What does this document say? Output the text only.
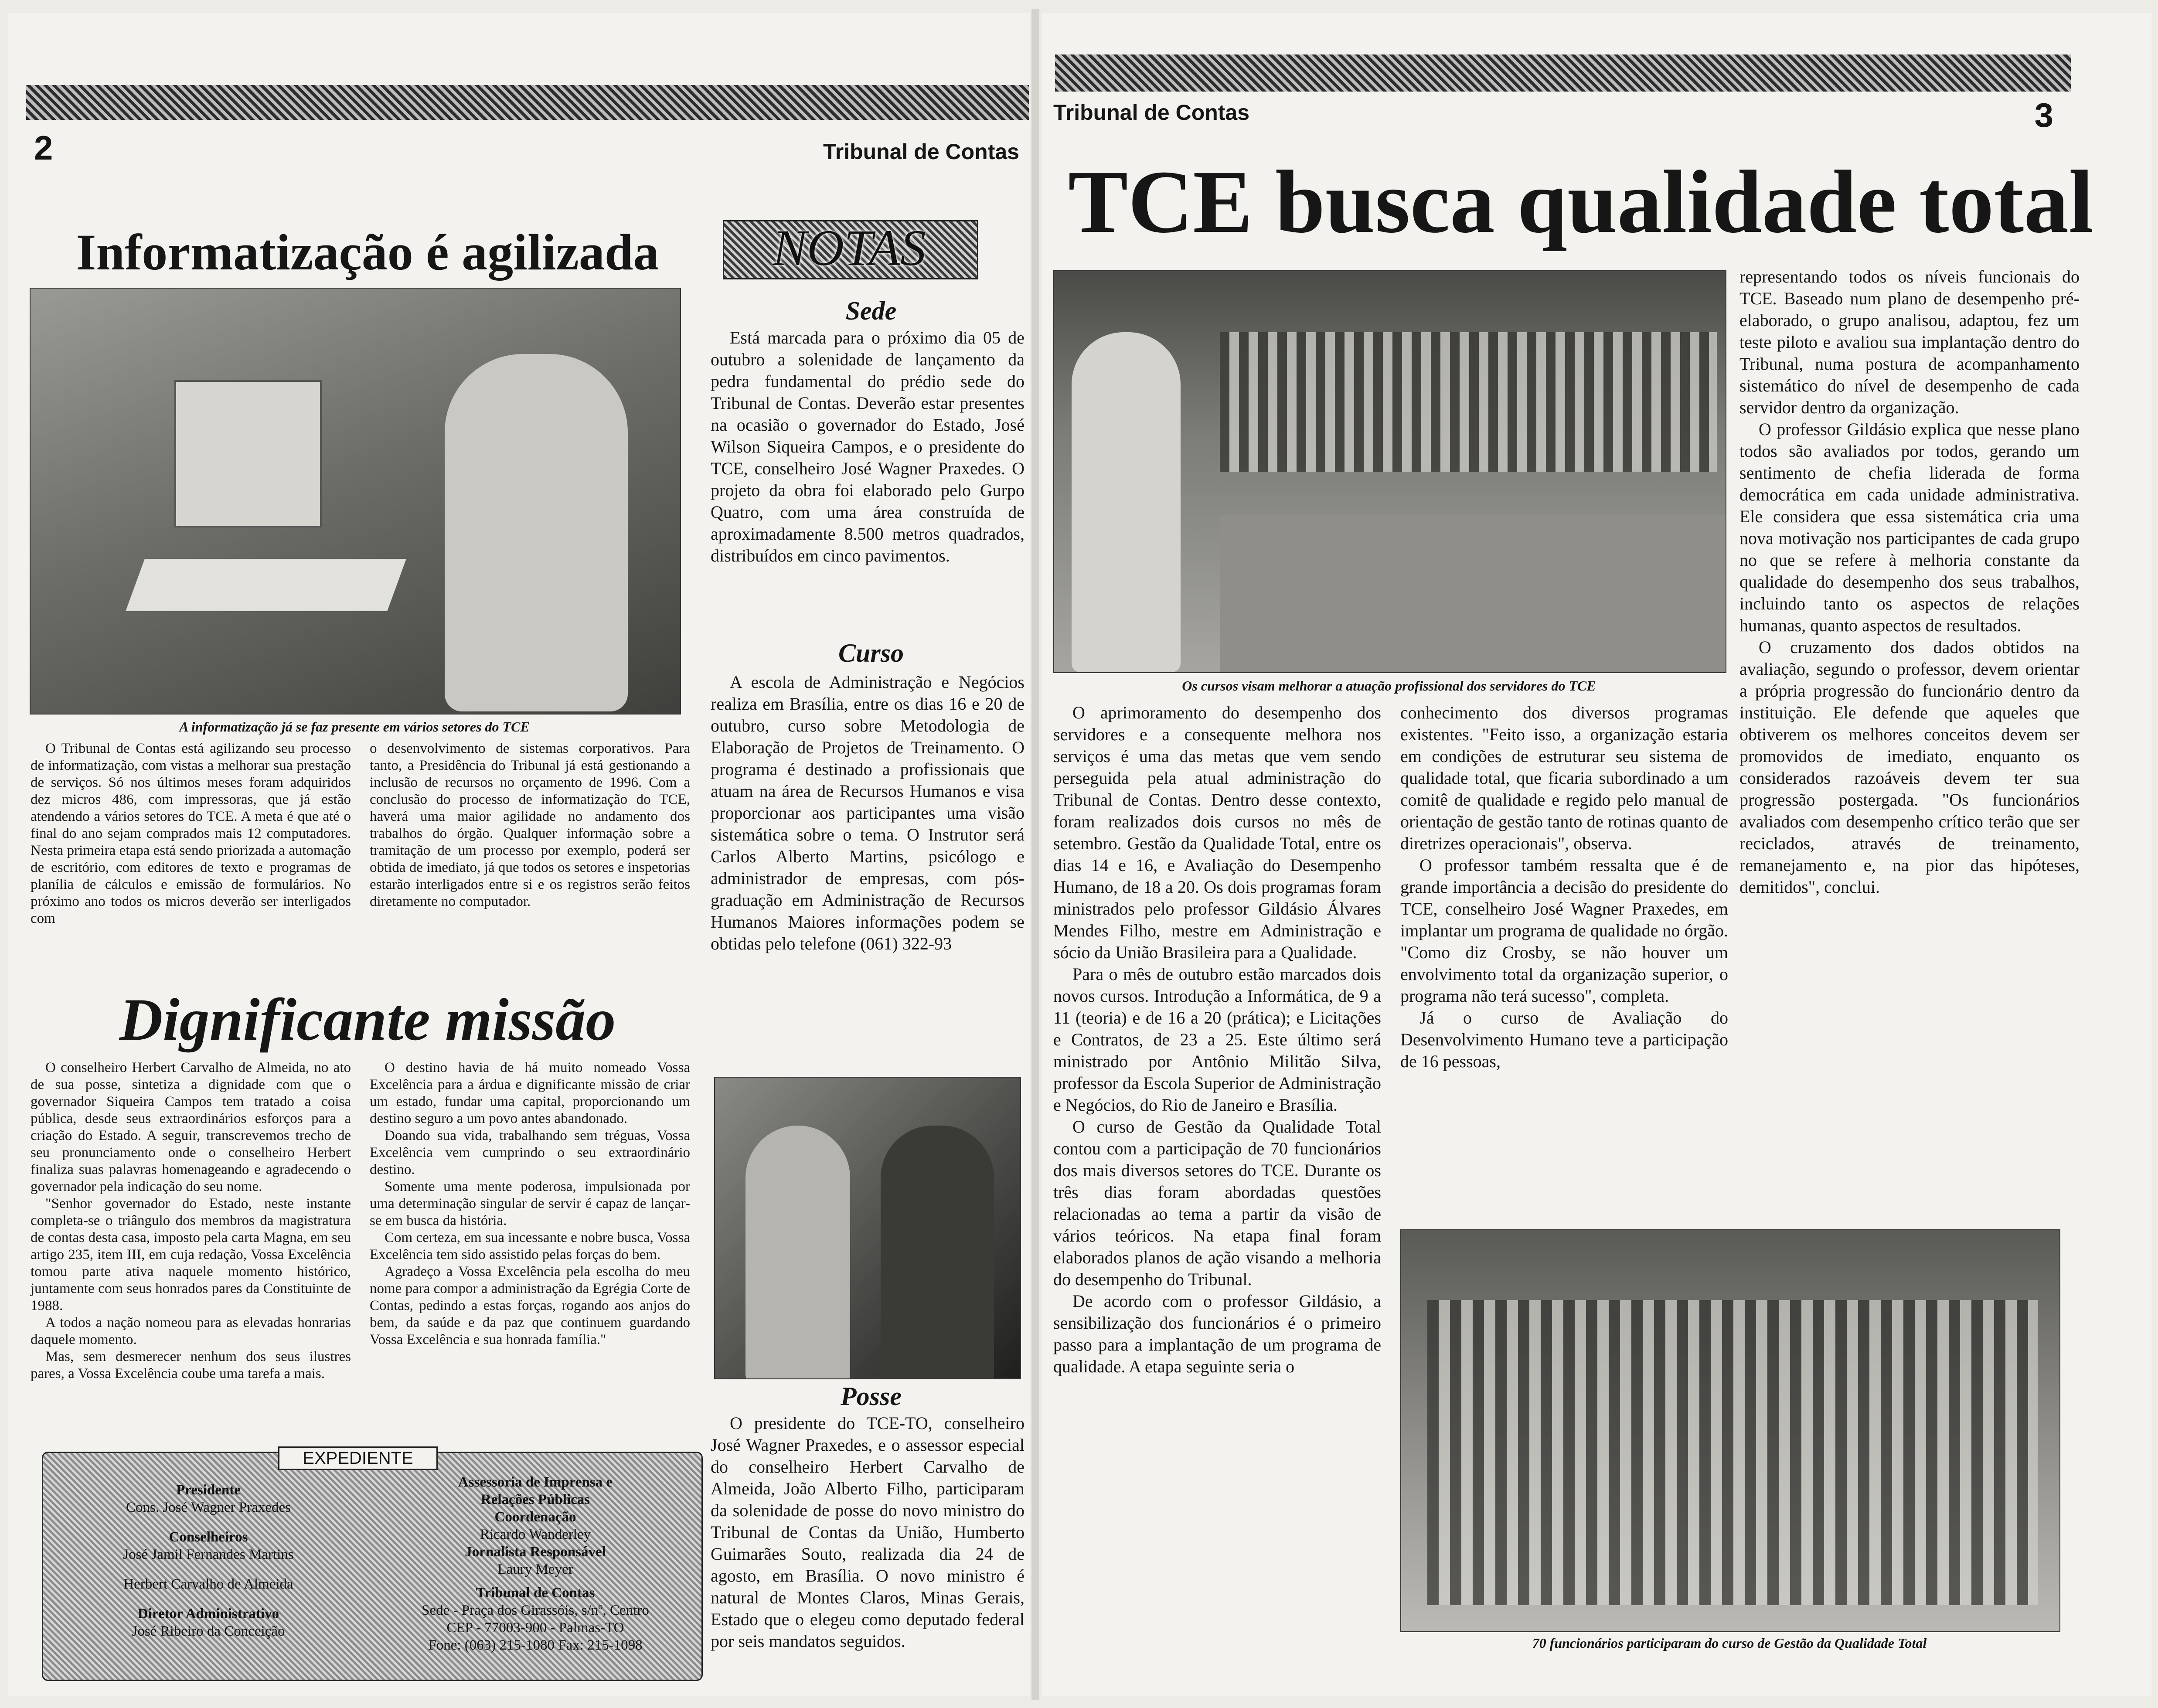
2	Tribunal de Contas
Informatização é agilizada
A informatização já se faz presente em vários setores do TCE
O Tribunal de Contas está agilizando seu processo de informatização, com vistas a melhorar sua prestação de serviços. Só nos últimos meses foram adquiridos dez micros 486, com impressoras, que já estão atendendo a vários setores do TCE. A meta é que até o final do ano sejam comprados mais 12 computadores. Nesta primeira etapa está sendo priorizada a automação de escritório, com editores de texto e programas de planília de cálculos e emissão de formulários. No próximo ano todos os micros deverão ser interligados com
o desenvolvimento de sistemas corporativos. Para tanto, a Presidência do Tribunal já está gestionando a inclusão de recursos no orçamento de 1996. Com a conclusão do processo de informatização do TCE, haverá uma maior agilidade no andamento dos trabalhos do órgão. Qualquer informação sobre a tramitação de um processo por exemplo, poderá ser obtida de imediato, já que todos os setores e inspetorias estarão interligados entre si e os registros serão feitos diretamente no computador.
Dignificante missão

O conselheiro Herbert Carvalho de Almeida, no ato de sua posse, sintetiza a dignidade com que o governador Siqueira Campos tem tratado a coisa pública, desde seus extraordinários esforços para a criação do Estado. A seguir, transcrevemos trecho de seu pronunciamento onde o conselheiro Herbert finaliza suas palavras homenageando e agradecendo o governador pela indicação do seu nome.

"Senhor governador do Estado, neste instante completa-se o triângulo dos membros da magistratura de contas desta casa, imposto pela carta Magna, em seu artigo 235, item III, em cuja redação, Vossa Excelência tomou parte ativa naquele momento histórico, juntamente com seus honrados pares da Constituinte de 1988.

A todos a nação nomeou para as elevadas honrarias daquele momento.

Mas, sem desmerecer nenhum dos seus ilustres pares, a Vossa Excelência coube uma tarefa a mais.

O destino havia de há muito nomeado Vossa Excelência para a árdua e dignificante missão de criar um estado, fundar uma capital, proporcionando um destino seguro a um povo antes abandonado.

Doando sua vida, trabalhando sem tréguas, Vossa Excelência vem cumprindo o seu extraordinário destino.

Somente uma mente poderosa, impulsionada por uma determinação singular de servir é capaz de lançar-se em busca da história.

Com certeza, em sua incessante e nobre busca, Vossa Excelência tem sido assistido pelas forças do bem.

Agradeço a Vossa Excelência pela escolha do meu nome para compor a administração da Egrégia Corte de Contas, pedindo a estas forças, rogando aos anjos do bem, da saúde e da paz que continuem guardando Vossa Excelência e sua honrada família."

EXPEDIENTE
Presidente
Cons. José Wagner Praxedes
Conselheiros
José Jamil Fernandes Martins
Herbert Carvalho de Almeida
Diretor Administrativo
José Ribeiro da Conceição
Assessoria de Imprensa e
Relações Públicas
Coordenação
Ricardo Wanderley
Jornalista Responsável
Laury Meyer
Tribunal de Contas
Sede - Praça dos Girassóis, s/nº, Centro
CEP - 77003-900 - Palmas-TO
Fone: (063) 215-1080 Fax: 215-1098
NOTAS
Sede
Está marcada para o próximo dia 05 de outubro a solenidade de lançamento da pedra fundamental do prédio sede do Tribunal de Contas. Deverão estar presentes na ocasião o governador do Estado, José Wilson Siqueira Campos, e o presidente do TCE, conselheiro José Wagner Praxedes. O projeto da obra foi elaborado pelo Gurpo Quatro, com uma área construída de aproximadamente 8.500 metros quadrados, distribuídos em cinco pavimentos.
Curso
A escola de Administração e Negócios realiza em Brasília, entre os dias 16 e 20 de outubro, curso sobre Metodologia de Elaboração de Projetos de Treinamento. O programa é destinado a profissionais que atuam na área de Recursos Humanos e visa proporcionar aos participantes uma visão sistemática sobre o tema. O Instrutor será Carlos Alberto Martins, psicólogo e administrador de empresas, com pós-graduação em Administração de Recursos Humanos Maiores informações podem se obtidas pelo telefone (061) 322-93
Posse
O presidente do TCE-TO, conselheiro José Wagner Praxedes, e o assessor especial do conselheiro Herbert Carvalho de Almeida, João Alberto Filho, participaram da solenidade de posse do novo ministro do Tribunal de Contas da União, Humberto Guimarães Souto, realizada dia 24 de agosto, em Brasília. O novo ministro é natural de Montes Claros, Minas Gerais, Estado que o elegeu como deputado federal por seis mandatos seguidos.
Tribunal de Contas	3
TCE busca qualidade total
Os cursos visam melhorar a atuação profissional dos servidores do TCE

O aprimoramento do desempenho dos servidores e a consequente melhora nos serviços é uma das metas que vem sendo perseguida pela atual administração do Tribunal de Contas. Dentro desse contexto, foram realizados dois cursos no mês de setembro. Gestão da Qualidade Total, entre os dias 14 e 16, e Avaliação do Desempenho Humano, de 18 a 20. Os dois programas foram ministrados pelo professor Gildásio Álvares Mendes Filho, mestre em Administração e sócio da União Brasileira para a Qualidade.

Para o mês de outubro estão marcados dois novos cursos. Introdução a Informática, de 9 a 11 (teoria) e de 16 a 20 (prática); e Licitações e Contratos, de 23 a 25. Este último será ministrado por Antônio Militão Silva, professor da Escola Superior de Administração e Negócios, do Rio de Janeiro e Brasília.

O curso de Gestão da Qualidade Total contou com a participação de 70 funcionários dos mais diversos setores do TCE. Durante os três dias foram abordadas questões relacionadas ao tema a partir da visão de vários teóricos. Na etapa final foram elaborados planos de ação visando a melhoria do desempenho do Tribunal.

De acordo com o professor Gildásio, a sensibilização dos funcionários é o primeiro passo para a implantação de um programa de qualidade. A etapa seguinte seria o

conhecimento dos diversos programas existentes. "Feito isso, a organização estaria em condições de estruturar seu sistema de qualidade total, que ficaria subordinado a um comitê de qualidade e regido pelo manual de orientação de gestão tanto de rotinas quanto de diretrizes operacionais", observa.

O professor também ressalta que é de grande importância a decisão do presidente do TCE, conselheiro José Wagner Praxedes, em implantar um programa de qualidade no órgão. "Como diz Crosby, se não houver um envolvimento total da organização superior, o programa não terá sucesso", completa.

Já o curso de Avaliação do Desenvolvimento Humano teve a participação de 16 pessoas,

representando todos os níveis funcionais do TCE. Baseado num plano de desempenho pré-elaborado, o grupo analisou, adaptou, fez um teste piloto e avaliou sua implantação dentro do Tribunal, numa postura de acompanhamento sistemático do nível de desempenho de cada servidor dentro da organização.

O professor Gildásio explica que nesse plano todos são avaliados por todos, gerando um sentimento de chefia liderada de forma democrática em cada unidade administrativa. Ele considera que essa sistemática cria uma nova motivação nos participantes de cada grupo no que se refere à melhoria constante da qualidade do desempenho dos seus trabalhos, incluindo tanto os aspectos de relações humanas, quanto aspectos de resultados.

O cruzamento dos dados obtidos na avaliação, segundo o professor, devem orientar a própria progressão do funcionário dentro da instituição. Ele defende que aqueles que obtiverem os melhores conceitos devem ser promovidos de imediato, enquanto os considerados razoáveis devem ter sua progressão postergada. "Os funcionários avaliados com desempenho crítico terão que ser reciclados, através de treinamento, remanejamento e, na pior das hipóteses, demitidos", conclui.

70 funcionários participaram do curso de Gestão da Qualidade Total
